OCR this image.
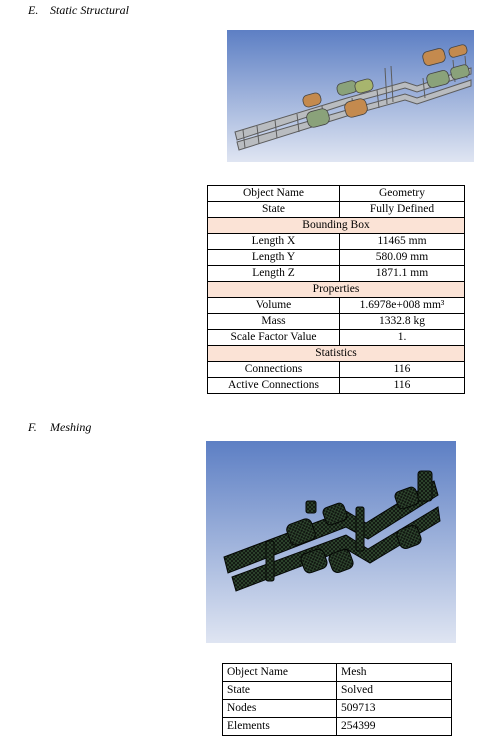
E. Static Structural
Object Name	Geometry
State	Fully Defined
Bounding Box	
Length X	11465 mm
Length Y	580.09 mm
Length Z	1871.1 mm
Properties	
Volume	1.6978e+008 mm³
Mass	1332.8 kg
Scale Factor Value	1.
Statistics	
Connections	116
Active Connections	116
F. Meshing
Object Name	Mesh
State	Solved
Nodes	509713
Elements	254399
